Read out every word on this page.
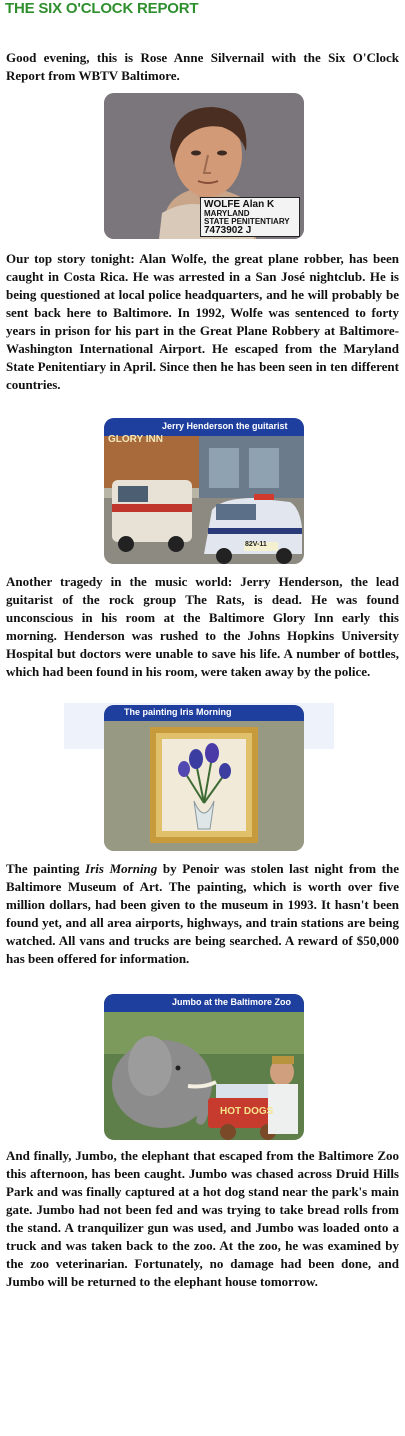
THE SIX O'CLOCK REPORT

Good evening, this is Rose Anne Silvernail with the Six O'Clock Report from WBTV Baltimore.

WOLFE Alan K
MARYLAND
STATE PENITENTIARY
7473902 J

Our top story tonight: Alan Wolfe, the great plane robber, has been caught in Costa Rica. He was arrested in a San José nightclub. He is being questioned at local police headquarters, and he will probably be sent back here to Baltimore. In 1992, Wolfe was sentenced to forty years in prison for his part in the Great Plane Robbery at Baltimore-Washington International Airport. He escaped from the Maryland State Penitentiary in April. Since then he has been seen in ten different countries.

Jerry Henderson the guitarist
GLORY INN
82V-11

Another tragedy in the music world: Jerry Henderson, the lead guitarist of the rock group The Rats, is dead. He was found unconscious in his room at the Baltimore Glory Inn early this morning. Henderson was rushed to the Johns Hopkins University Hospital but doctors were unable to save his life. A number of bottles, which had been found in his room, were taken away by the police.

The painting Iris Morning

The painting Iris Morning by Penoir was stolen last night from the Baltimore Museum of Art. The painting, which is worth over five million dollars, had been given to the museum in 1993. It hasn't been found yet, and all area airports, highways, and train stations are being watched. All vans and trucks are being searched. A reward of $50,000 has been offered for information.

Jumbo at the Baltimore Zoo
HOT DOGS

And finally, Jumbo, the elephant that escaped from the Baltimore Zoo this afternoon, has been caught. Jumbo was chased across Druid Hills Park and was finally captured at a hot dog stand near the park's main gate. Jumbo had not been fed and was trying to take bread rolls from the stand. A tranquilizer gun was used, and Jumbo was loaded onto a truck and was taken back to the zoo. At the zoo, he was examined by the zoo veterinarian. Fortunately, no damage had been done, and Jumbo will be returned to the elephant house tomorrow.
